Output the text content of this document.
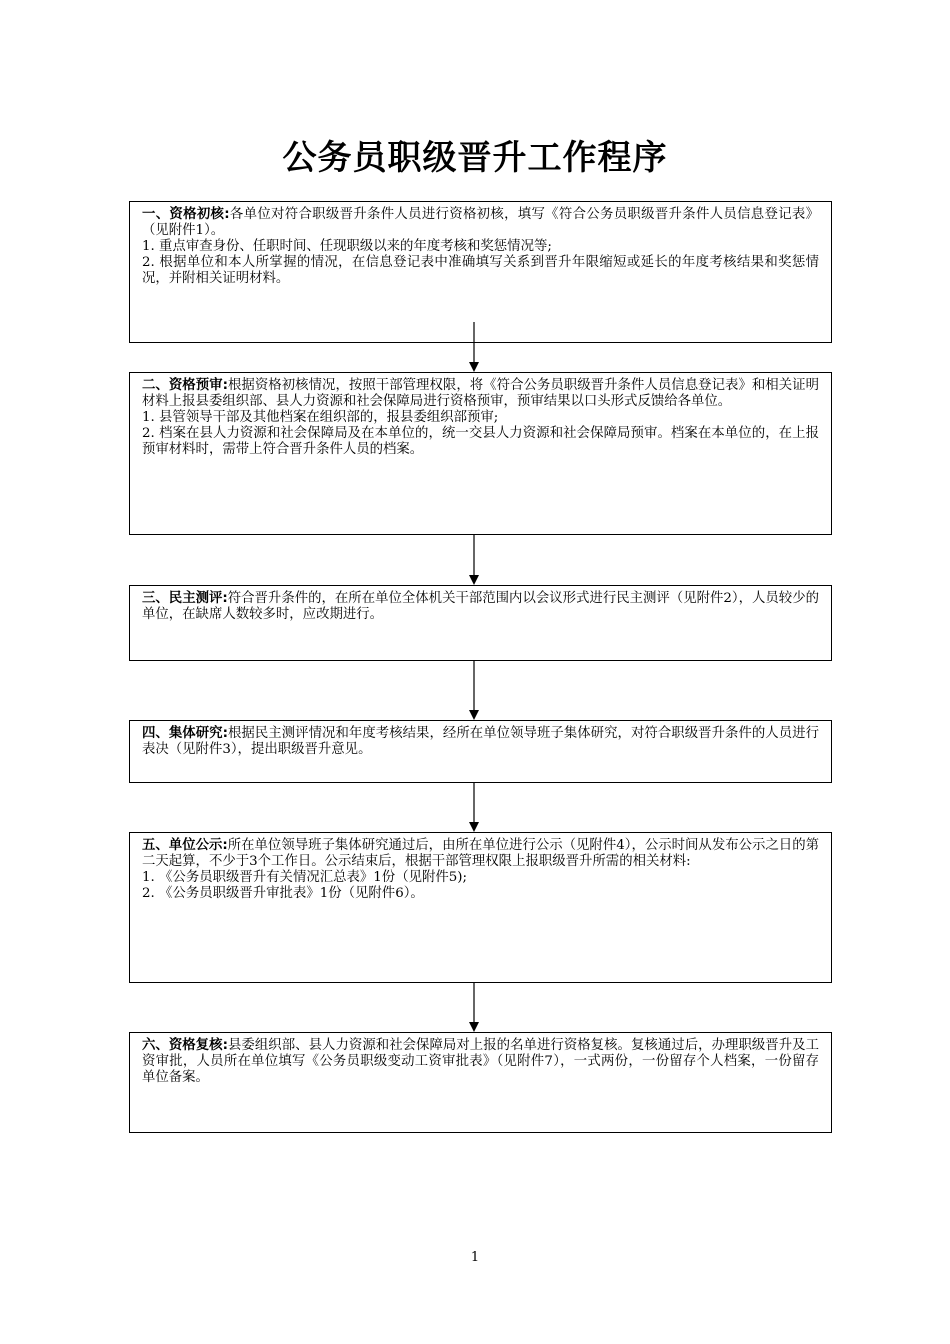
公务员职级晋升工作程序

一、资格初核:各单位对符合职级晋升条件人员进行资格初核，填写《符合公务员职级晋升条件人员信息登记表》（见附件1）。

1. 重点审查身份、任职时间、任现职级以来的年度考核和奖惩情况等;

2. 根据单位和本人所掌握的情况，在信息登记表中准确填写关系到晋升年限缩短或延长的年度考核结果和奖惩情况，并附相关证明材料。

二、资格预审:根据资格初核情况，按照干部管理权限，将《符合公务员职级晋升条件人员信息登记表》和相关证明材料上报县委组织部、县人力资源和社会保障局进行资格预审，预审结果以口头形式反馈给各单位。

1. 县管领导干部及其他档案在组织部的，报县委组织部预审;

2. 档案在县人力资源和社会保障局及在本单位的，统一交县人力资源和社会保障局预审。档案在本单位的，在上报预审材料时，需带上符合晋升条件人员的档案。

三、民主测评:符合晋升条件的，在所在单位全体机关干部范围内以会议形式进行民主测评（见附件2），人员较少的单位，在缺席人数较多时，应改期进行。

四、集体研究:根据民主测评情况和年度考核结果，经所在单位领导班子集体研究，对符合职级晋升条件的人员进行表决（见附件3），提出职级晋升意见。

五、单位公示:所在单位领导班子集体研究通过后，由所在单位进行公示（见附件4），公示时间从发布公示之日的第二天起算，不少于3个工作日。公示结束后，根据干部管理权限上报职级晋升所需的相关材料:

1. 《公务员职级晋升有关情况汇总表》1份（见附件5);

2. 《公务员职级晋升审批表》1份（见附件6）。

六、资格复核:县委组织部、县人力资源和社会保障局对上报的名单进行资格复核。复核通过后，办理职级晋升及工资审批，人员所在单位填写《公务员职级变动工资审批表》（见附件7），一式两份，一份留存个人档案，一份留存单位备案。

1
